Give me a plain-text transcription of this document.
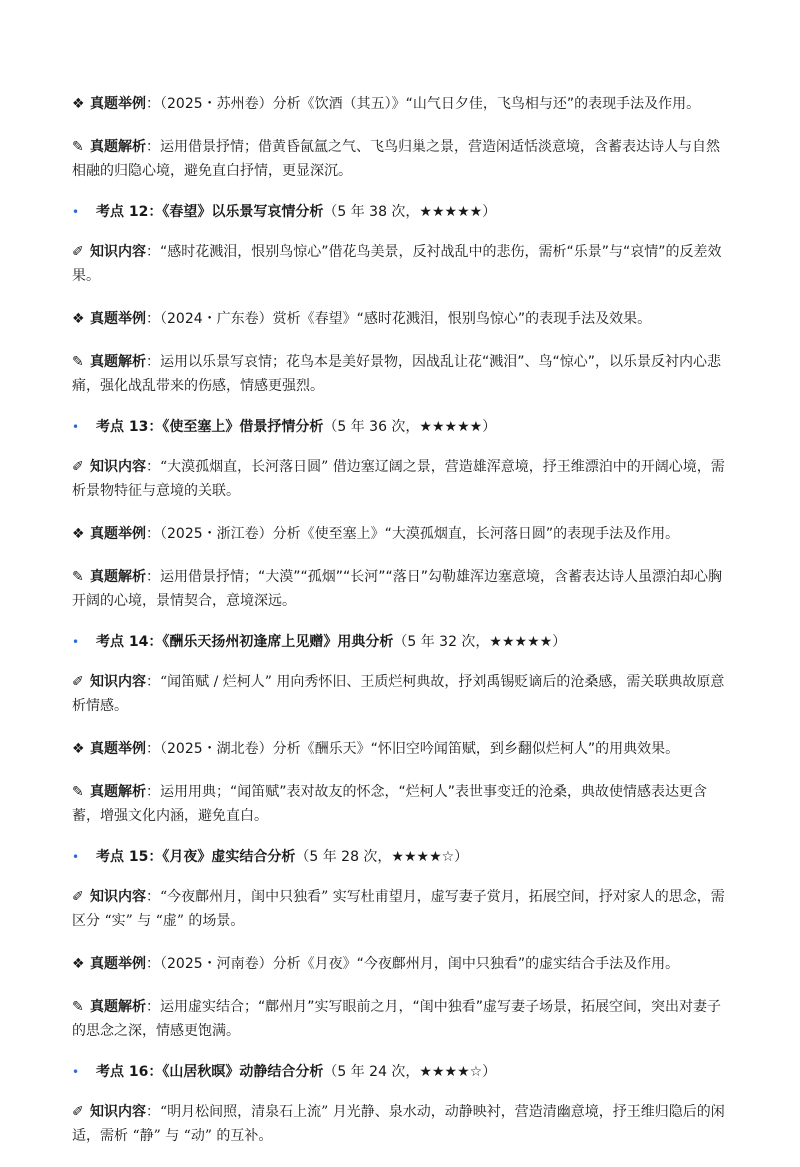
❖ 真题举例：（2025・苏州卷）分析《饮酒（其五）》“山气日夕佳，飞鸟相与还”的表现手法及作用。
✎ 真题解析：运用借景抒情；借黄昏氤氲之气、飞鸟归巢之景，营造闲适恬淡意境，含蓄表达诗人与自然相融的归隐心境，避免直白抒情，更显深沉。
• 考点 12：《春望》以乐景写哀情分析（5 年 38 次，★★★★★）
✐ 知识内容：“感时花溅泪，恨别鸟惊心”借花鸟美景，反衬战乱中的悲伤，需析“乐景”与“哀情”的反差效果。
❖ 真题举例：（2024・广东卷）赏析《春望》“感时花溅泪，恨别鸟惊心”的表现手法及效果。
✎ 真题解析：运用以乐景写哀情；花鸟本是美好景物，因战乱让花“溅泪”、鸟“惊心”，以乐景反衬内心悲痛，强化战乱带来的伤感，情感更强烈。
• 考点 13：《使至塞上》借景抒情分析（5 年 36 次，★★★★★）
✐ 知识内容：“大漠孤烟直，长河落日圆” 借边塞辽阔之景，营造雄浑意境，抒王维漂泊中的开阔心境，需析景物特征与意境的关联。
❖ 真题举例：（2025・浙江卷）分析《使至塞上》“大漠孤烟直，长河落日圆”的表现手法及作用。
✎ 真题解析：运用借景抒情；“大漠”“孤烟”“长河”“落日”勾勒雄浑边塞意境，含蓄表达诗人虽漂泊却心胸开阔的心境，景情契合，意境深远。
• 考点 14：《酬乐天扬州初逢席上见赠》用典分析（5 年 32 次，★★★★★）
✐ 知识内容：“闻笛赋 / 烂柯人” 用向秀怀旧、王质烂柯典故，抒刘禹锡贬谪后的沧桑感，需关联典故原意析情感。
❖ 真题举例：（2025・湖北卷）分析《酬乐天》“怀旧空吟闻笛赋，到乡翻似烂柯人”的用典效果。
✎ 真题解析：运用用典；“闻笛赋”表对故友的怀念，“烂柯人”表世事变迁的沧桑，典故使情感表达更含蓄，增强文化内涵，避免直白。
• 考点 15：《月夜》虚实结合分析（5 年 28 次，★★★★☆）
✐ 知识内容：“今夜鄜州月，闺中只独看” 实写杜甫望月，虚写妻子赏月，拓展空间，抒对家人的思念，需区分 “实” 与 “虚” 的场景。
❖ 真题举例：（2025・河南卷）分析《月夜》“今夜鄜州月，闺中只独看”的虚实结合手法及作用。
✎ 真题解析：运用虚实结合；“鄜州月”实写眼前之月，“闺中独看”虚写妻子场景，拓展空间，突出对妻子的思念之深，情感更饱满。
• 考点 16：《山居秋暝》动静结合分析（5 年 24 次，★★★★☆）
✐ 知识内容：“明月松间照，清泉石上流” 月光静、泉水动，动静映衬，营造清幽意境，抒王维归隐后的闲适，需析 “静” 与 “动” 的互补。
